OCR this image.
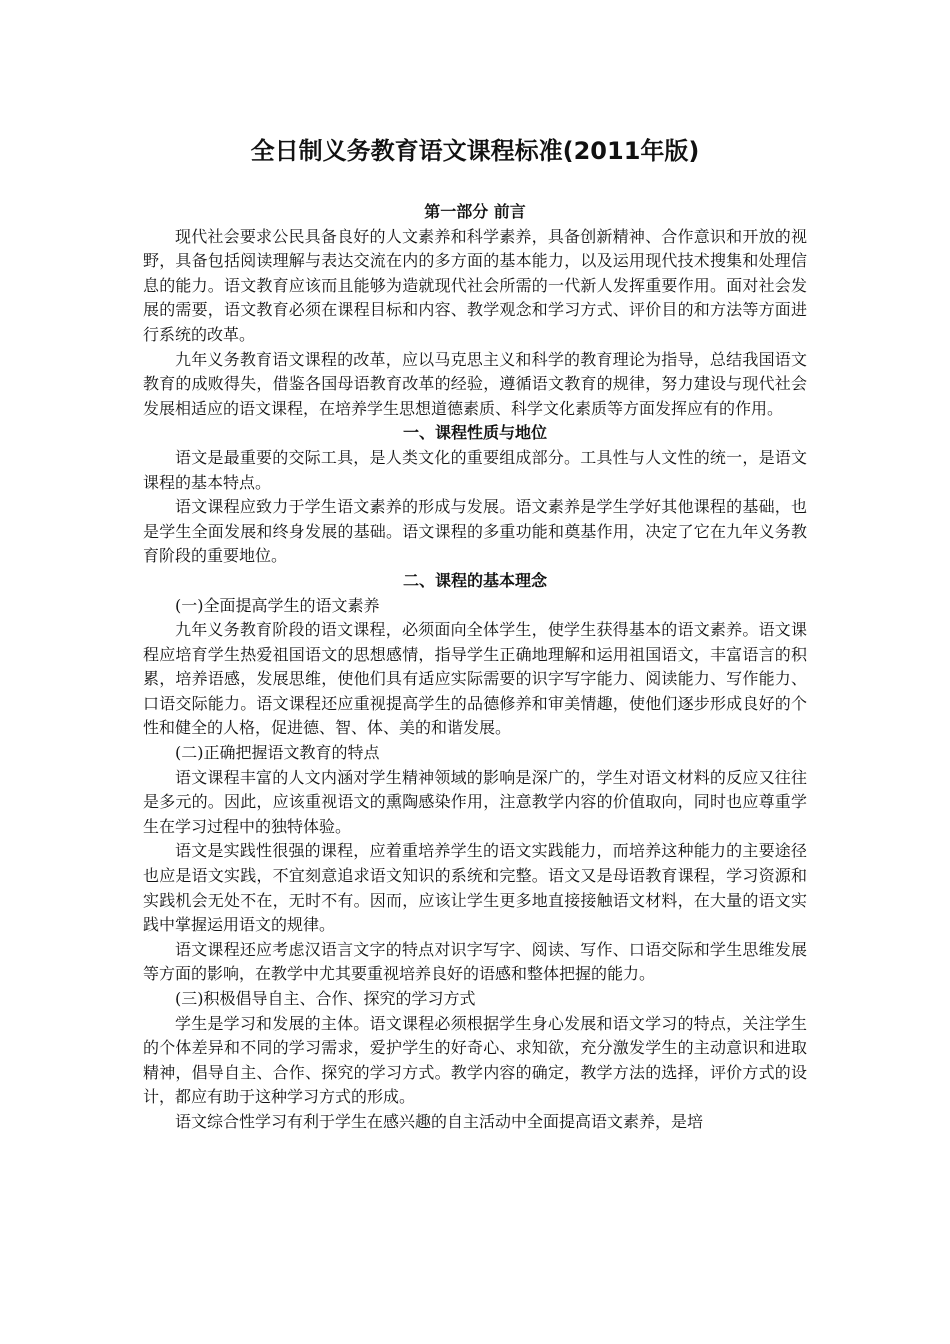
全日制义务教育语文课程标准(2011年版)
第一部分 前言

现代社会要求公民具备良好的人文素养和科学素养，具备创新精神、合作意识和开放的视野，具备包括阅读理解与表达交流在内的多方面的基本能力，以及运用现代技术搜集和处理信息的能力。语文教育应该而且能够为造就现代社会所需的一代新人发挥重要作用。面对社会发展的需要，语文教育必须在课程目标和内容、教学观念和学习方式、评价目的和方法等方面进行系统的改革。

九年义务教育语文课程的改革，应以马克思主义和科学的教育理论为指导，总结我国语文教育的成败得失，借鉴各国母语教育改革的经验，遵循语文教育的规律，努力建设与现代社会发展相适应的语文课程，在培养学生思想道德素质、科学文化素质等方面发挥应有的作用。

一、课程性质与地位

语文是最重要的交际工具，是人类文化的重要组成部分。工具性与人文性的统一，是语文课程的基本特点。

语文课程应致力于学生语文素养的形成与发展。语文素养是学生学好其他课程的基础，也是学生全面发展和终身发展的基础。语文课程的多重功能和奠基作用，决定了它在九年义务教育阶段的重要地位。

二、课程的基本理念

(一)全面提高学生的语文素养

九年义务教育阶段的语文课程，必须面向全体学生，使学生获得基本的语文素养。语文课程应培育学生热爱祖国语文的思想感情，指导学生正确地理解和运用祖国语文，丰富语言的积累，培养语感，发展思维，使他们具有适应实际需要的识字写字能力、阅读能力、写作能力、口语交际能力。语文课程还应重视提高学生的品德修养和审美情趣，使他们逐步形成良好的个性和健全的人格，促进德、智、体、美的和谐发展。

(二)正确把握语文教育的特点

语文课程丰富的人文内涵对学生精神领域的影响是深广的，学生对语文材料的反应又往往是多元的。因此，应该重视语文的熏陶感染作用，注意教学内容的价值取向，同时也应尊重学生在学习过程中的独特体验。

语文是实践性很强的课程，应着重培养学生的语文实践能力，而培养这种能力的主要途径也应是语文实践，不宜刻意追求语文知识的系统和完整。语文又是母语教育课程，学习资源和实践机会无处不在，无时不有。因而，应该让学生更多地直接接触语文材料，在大量的语文实践中掌握运用语文的规律。

语文课程还应考虑汉语言文字的特点对识字写字、阅读、写作、口语交际和学生思维发展等方面的影响，在教学中尤其要重视培养良好的语感和整体把握的能力。

(三)积极倡导自主、合作、探究的学习方式

学生是学习和发展的主体。语文课程必须根据学生身心发展和语文学习的特点，关注学生的个体差异和不同的学习需求，爱护学生的好奇心、求知欲，充分激发学生的主动意识和进取精神，倡导自主、合作、探究的学习方式。教学内容的确定，教学方法的选择，评价方式的设计，都应有助于这种学习方式的形成。

语文综合性学习有利于学生在感兴趣的自主活动中全面提高语文素养，是培
